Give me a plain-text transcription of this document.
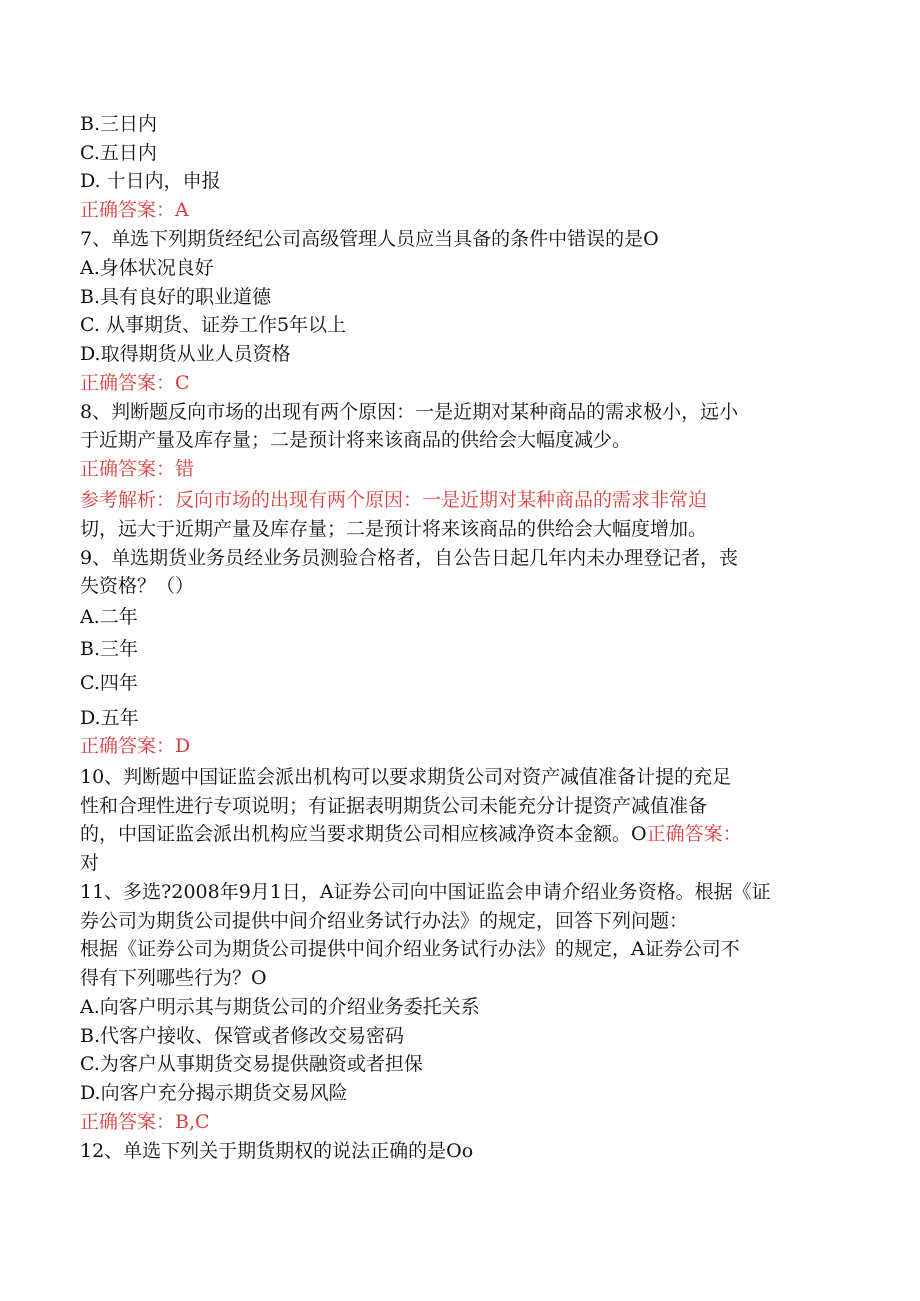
B.三日内
C.五日内
D. 十日内，申报
正确答案：A
7、单选下列期货经纪公司高级管理人员应当具备的条件中错误的是O
A.身体状况良好
B.具有良好的职业道德
C. 从事期货、证券工作5年以上
D.取得期货从业人员资格
正确答案：C
8、判断题反向市场的出现有两个原因：一是近期对某种商品的需求极小，远小
于近期产量及库存量；二是预计将来该商品的供给会大幅度减少。
正确答案：错
参考解析：反向市场的出现有两个原因：一是近期对某种商品的需求非常迫
切，远大于近期产量及库存量；二是预计将来该商品的供给会大幅度增加。
9、单选期货业务员经业务员测验合格者，自公告日起几年内未办理登记者，丧
失资格？（）
A.二年
B.三年
C.四年
D.五年
正确答案：D
10、判断题中国证监会派出机构可以要求期货公司对资产减值准备计提的充足
性和合理性进行专项说明；有证据表明期货公司未能充分计提资产减值准备
的，中国证监会派出机构应当要求期货公司相应核减净资本金额。O正确答案：
对
11、多选?2008年9月1日，A证券公司向中国证监会申请介绍业务资格。根据《证
券公司为期货公司提供中间介绍业务试行办法》的规定，回答下列问题：
根据《证券公司为期货公司提供中间介绍业务试行办法》的规定，A证券公司不
得有下列哪些行为？O
A.向客户明示其与期货公司的介绍业务委托关系
B.代客户接收、保管或者修改交易密码
C.为客户从事期货交易提供融资或者担保
D.向客户充分揭示期货交易风险
正确答案：B,C
12、单选下列关于期货期权的说法正确的是Oo
